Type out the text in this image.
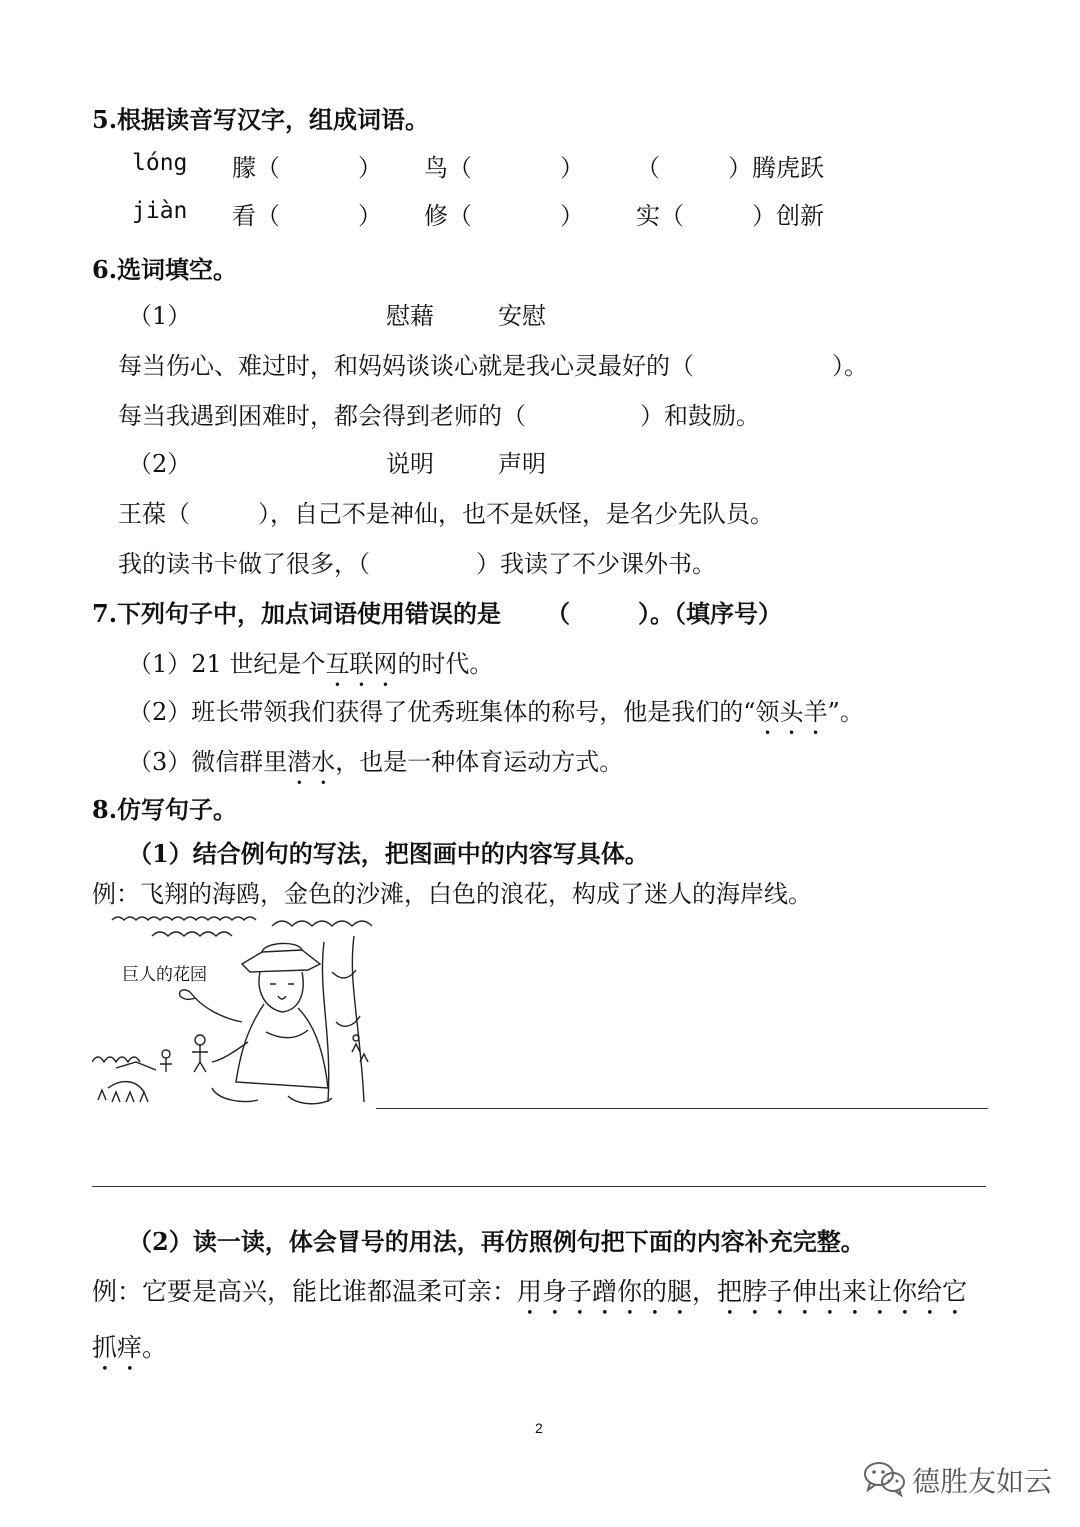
5.根据读音写汉字，组成词语。
lóng 朦（	） 鸟（	） （	）腾虎跃
jiàn 看（	） 修（	） 实（	）创新
6.选词填空。
（1）	慰藉	安慰
每当伤心、难过时，和妈妈谈谈心就是我心灵最好的（	）。
每当我遇到困难时，都会得到老师的（	）和鼓励。
（2）	说明	声明
王葆（	），自己不是神仙，也不是妖怪，是名少先队员。
我的读书卡做了很多，（	）我读了不少课外书。
7.下列句子中，加点词语使用错误的是 （	）。（填序号）
（1）21 世纪是个互联网的时代。
（2）班长带领我们获得了优秀班集体的称号，他是我们的“领头羊”。
（3）微信群里潜水，也是一种体育运动方式。
8.仿写句子。
（1）结合例句的写法，把图画中的内容写具体。
例：飞翔的海鸥，金色的沙滩，白色的浪花，构成了迷人的海岸线。
巨人的花园
（2）读一读，体会冒号的用法，再仿照例句把下面的内容补充完整。
例：它要是高兴，能比谁都温柔可亲：用身子蹭你的腿，把脖子伸出来让你给它
抓痒。
2
德胜友如云
